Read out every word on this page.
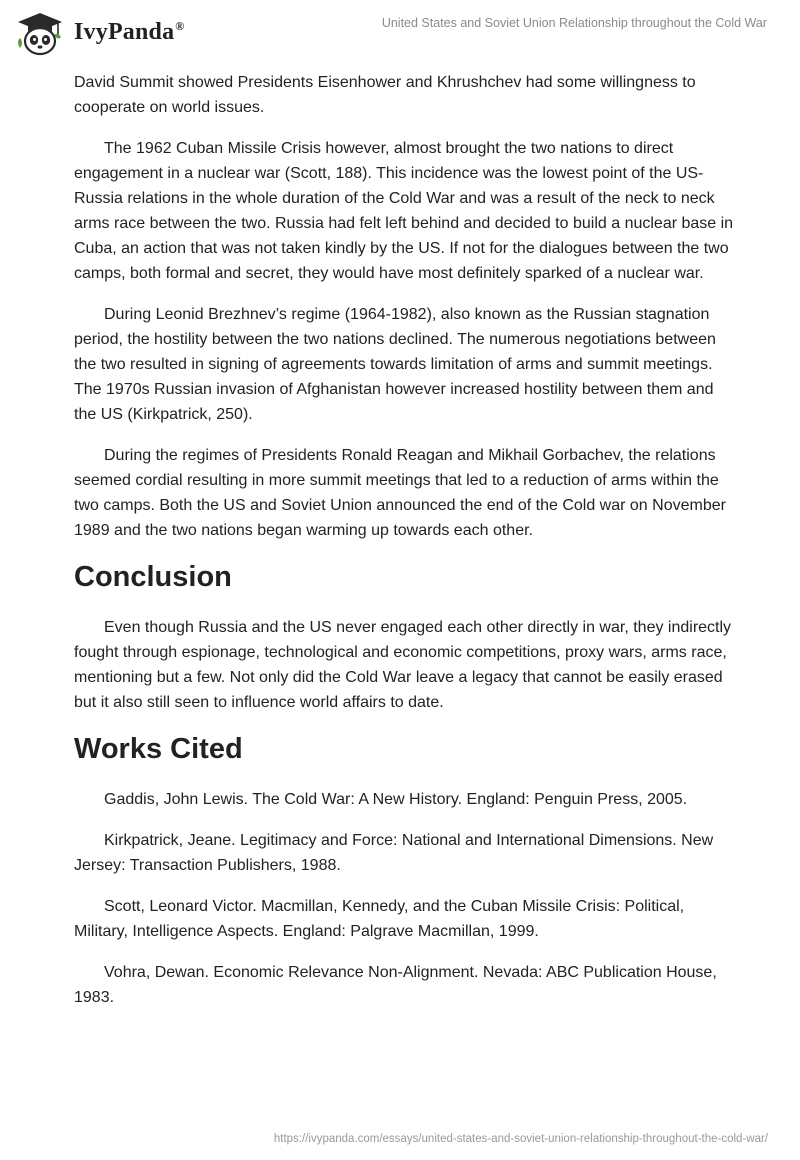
IvyPanda®	United States and Soviet Union Relationship throughout the Cold War

David Summit showed Presidents Eisenhower and Khrushchev had some willingness to cooperate on world issues.

The 1962 Cuban Missile Crisis however, almost brought the two nations to direct engagement in a nuclear war (Scott, 188). This incidence was the lowest point of the US- Russia relations in the whole duration of the Cold War and was a result of the neck to neck arms race between the two. Russia had felt left behind and decided to build a nuclear base in Cuba, an action that was not taken kindly by the US. If not for the dialogues between the two camps, both formal and secret, they would have most definitely sparked of a nuclear war.

During Leonid Brezhnev’s regime (1964-1982), also known as the Russian stagnation period, the hostility between the two nations declined. The numerous negotiations between the two resulted in signing of agreements towards limitation of arms and summit meetings. The 1970s Russian invasion of Afghanistan however increased hostility between them and the US (Kirkpatrick, 250).

During the regimes of Presidents Ronald Reagan and Mikhail Gorbachev, the relations seemed cordial resulting in more summit meetings that led to a reduction of arms within the two camps. Both the US and Soviet Union announced the end of the Cold war on November 1989 and the two nations began warming up towards each other.

Conclusion

Even though Russia and the US never engaged each other directly in war, they indirectly fought through espionage, technological and economic competitions, proxy wars, arms race, mentioning but a few. Not only did the Cold War leave a legacy that cannot be easily erased but it also still seen to influence world affairs to date.

Works Cited

Gaddis, John Lewis. The Cold War: A New History. England: Penguin Press, 2005.

Kirkpatrick, Jeane. Legitimacy and Force: National and International Dimensions. New Jersey: Transaction Publishers, 1988.

Scott, Leonard Victor. Macmillan, Kennedy, and the Cuban Missile Crisis: Political, Military, Intelligence Aspects. England: Palgrave Macmillan, 1999.

Vohra, Dewan. Economic Relevance Non-Alignment. Nevada: ABC Publication House, 1983.

https://ivypanda.com/essays/united-states-and-soviet-union-relationship-throughout-the-cold-war/
